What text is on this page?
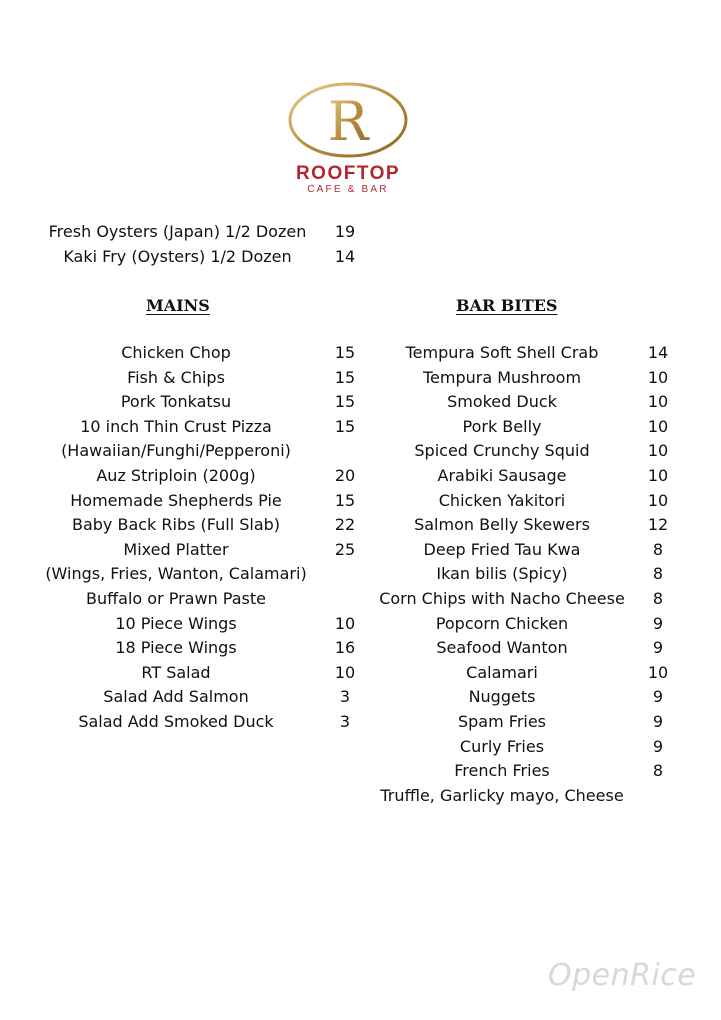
R
ROOFTOP
CAFE & BAR
Fresh Oysters (Japan) 1/2 Dozen	19
Kaki Fry (Oysters) 1/2 Dozen	14
MAINS	BAR BITES
Chicken Chop	15
Fish & Chips	15
Pork Tonkatsu	15
10 inch Thin Crust Pizza	15
(Hawaiian/Funghi/Pepperoni)
Auz Striploin (200g)	20
Homemade Shepherds Pie	15
Baby Back Ribs (Full Slab)	22
Mixed Platter	25
(Wings, Fries, Wanton, Calamari)
Buffalo or Prawn Paste
10 Piece Wings	10
18 Piece Wings	16
RT Salad	10
Salad Add Salmon	3
Salad Add Smoked Duck	3
Tempura Soft Shell Crab	14
Tempura Mushroom	10
Smoked Duck	10
Pork Belly	10
Spiced Crunchy Squid	10
Arabiki Sausage	10
Chicken Yakitori	10
Salmon Belly Skewers	12
Deep Fried Tau Kwa	8
Ikan bilis (Spicy)	8
Corn Chips with Nacho Cheese	8
Popcorn Chicken	9
Seafood Wanton	9
Calamari	10
Nuggets	9
Spam Fries	9
Curly Fries	9
French Fries	8
Truffle, Garlicky mayo, Cheese
OpenRice
